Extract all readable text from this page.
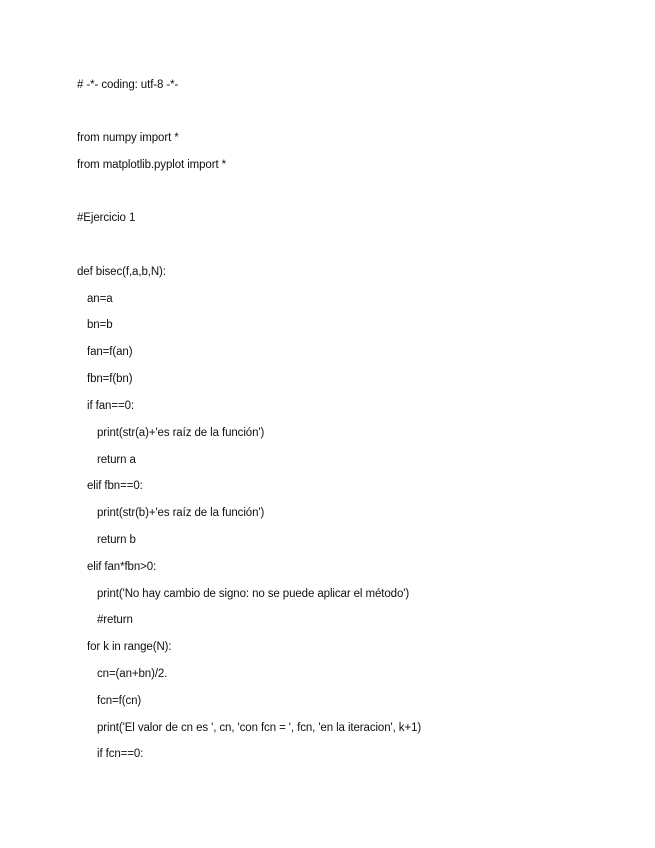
# -*- coding: utf-8 -*-
from numpy import *
from matplotlib.pyplot import *
#Ejercicio 1
def bisec(f,a,b,N):
an=a
bn=b
fan=f(an)
fbn=f(bn)
if fan==0:
print(str(a)+'es raíz de la función')
return a
elif fbn==0:
print(str(b)+'es raíz de la función')
return b
elif fan*fbn>0:
print('No hay cambio de signo: no se puede aplicar el método')
#return
for k in range(N):
cn=(an+bn)/2.
fcn=f(cn)
print('El valor de cn es ', cn, 'con fcn = ', fcn, 'en la iteracion', k+1)
if fcn==0:
